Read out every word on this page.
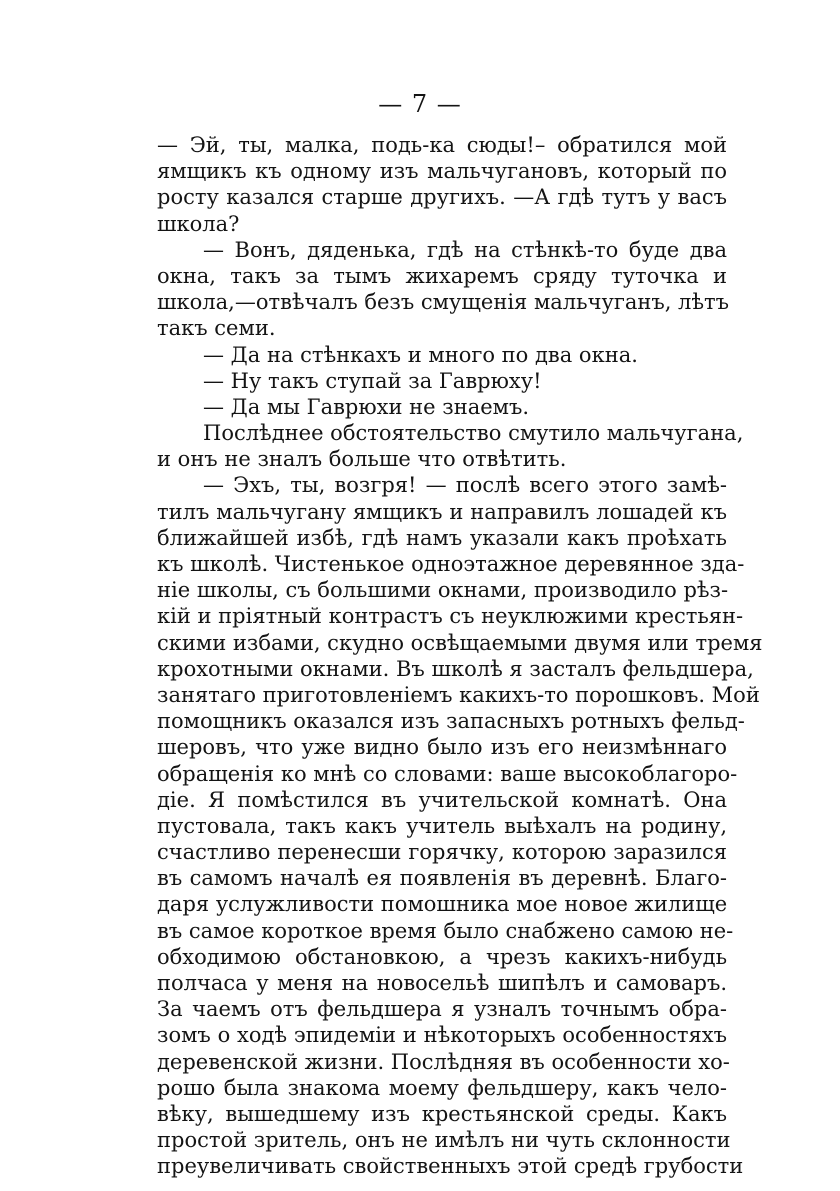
— 7 —
— Эй, ты, малка, подь-ка сюды!– обратился мой
ямщикъ къ одному изъ мальчугановъ, который по
росту казался старше другихъ. —А гдѣ тутъ у васъ
школа?
— Вонъ, дяденька, гдѣ на стѣнкѣ-то буде два
окна, такъ за тымъ жихаремъ сряду туточка и
школа,—отвѣчалъ безъ смущенія мальчуганъ, лѣтъ
такъ семи.
— Да на стѣнкахъ и много по два окна.
— Ну такъ ступай за Гаврюху!
— Да мы Гаврюхи не знаемъ.
Послѣднее обстоятельство смутило мальчугана,
и онъ не зналъ больше что отвѣтить.
— Эхъ, ты, возгря! — послѣ всего этого замѣ-
тилъ мальчугану ямщикъ и направилъ лошадей къ
ближайшей избѣ, гдѣ намъ указали какъ проѣхать
къ школѣ. Чистенькое одноэтажное деревянное зда-
ніе школы, съ большими окнами, производило рѣз-
кій и пріятный контрастъ съ неуклюжими крестьян-
скими избами, скудно освѣщаемыми двумя или тремя
крохотными окнами. Въ школѣ я засталъ фельдшера,
занятаго приготовленіемъ какихъ-то порошковъ. Мой
помощникъ оказался изъ запасныхъ ротныхъ фельд-
шеровъ, что уже видно было изъ его неизмѣннаго
обращенія ко мнѣ со словами: ваше высокоблагоро-
діе. Я помѣстился въ учительской комнатѣ. Она
пустовала, такъ какъ учитель выѣхалъ на родину,
счастливо перенесши горячку, которою заразился
въ самомъ началѣ ея появленія въ деревнѣ. Благо-
даря услужливости помошника мое новое жилище
въ самое короткое время было снабжено самою не-
обходимою обстановкою, а чрезъ какихъ-нибудь
полчаса у меня на новосельѣ шипѣлъ и самоваръ.
За чаемъ отъ фельдшера я узналъ точнымъ обра-
зомъ о ходѣ эпидеміи и нѣкоторыхъ особенностяхъ
деревенской жизни. Послѣдняя въ особенности хо-
рошо была знакома моему фельдшеру, какъ чело-
вѣку, вышедшему изъ крестьянской среды. Какъ
простой зритель, онъ не имѣлъ ни чуть склонности
преувеличивать свойственныхъ этой средѣ грубости
